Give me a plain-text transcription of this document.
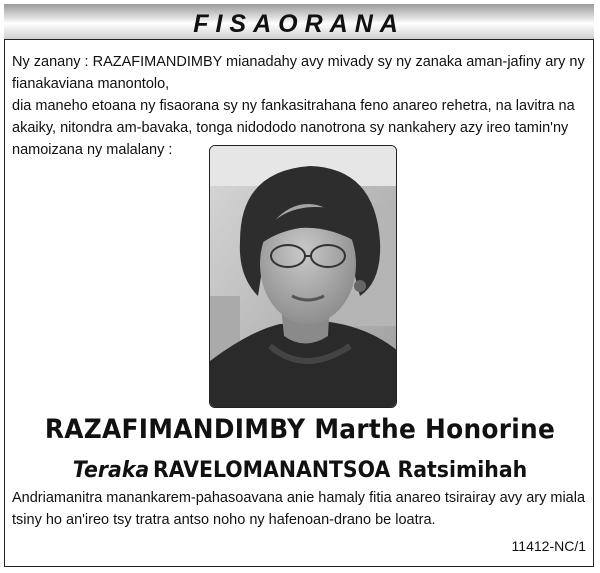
FISAORANA

Ny zanany : RAZAFIMANDIMBY mianadahy avy mivady sy ny zanaka aman-jafiny ary ny fianakaviana manontolo,

dia maneho etoana ny fisaorana sy ny fankasitrahana feno anareo rehetra, na lavitra na akaiky, nitondra am-bavaka, tonga nidododo nanotrona sy nankahery azy ireo tamin'ny namoizana ny malalany :

RAZAFIMANDIMBY Marthe Honorine
Teraka RAVELOMANANTSOA Ratsimihah

Andriamanitra manankarem-pahasoavana anie hamaly fitia anareo tsirairay avy ary miala tsiny ho an'ireo tsy tratra antso noho ny hafenoan-drano be loatra.

11412-NC/1
